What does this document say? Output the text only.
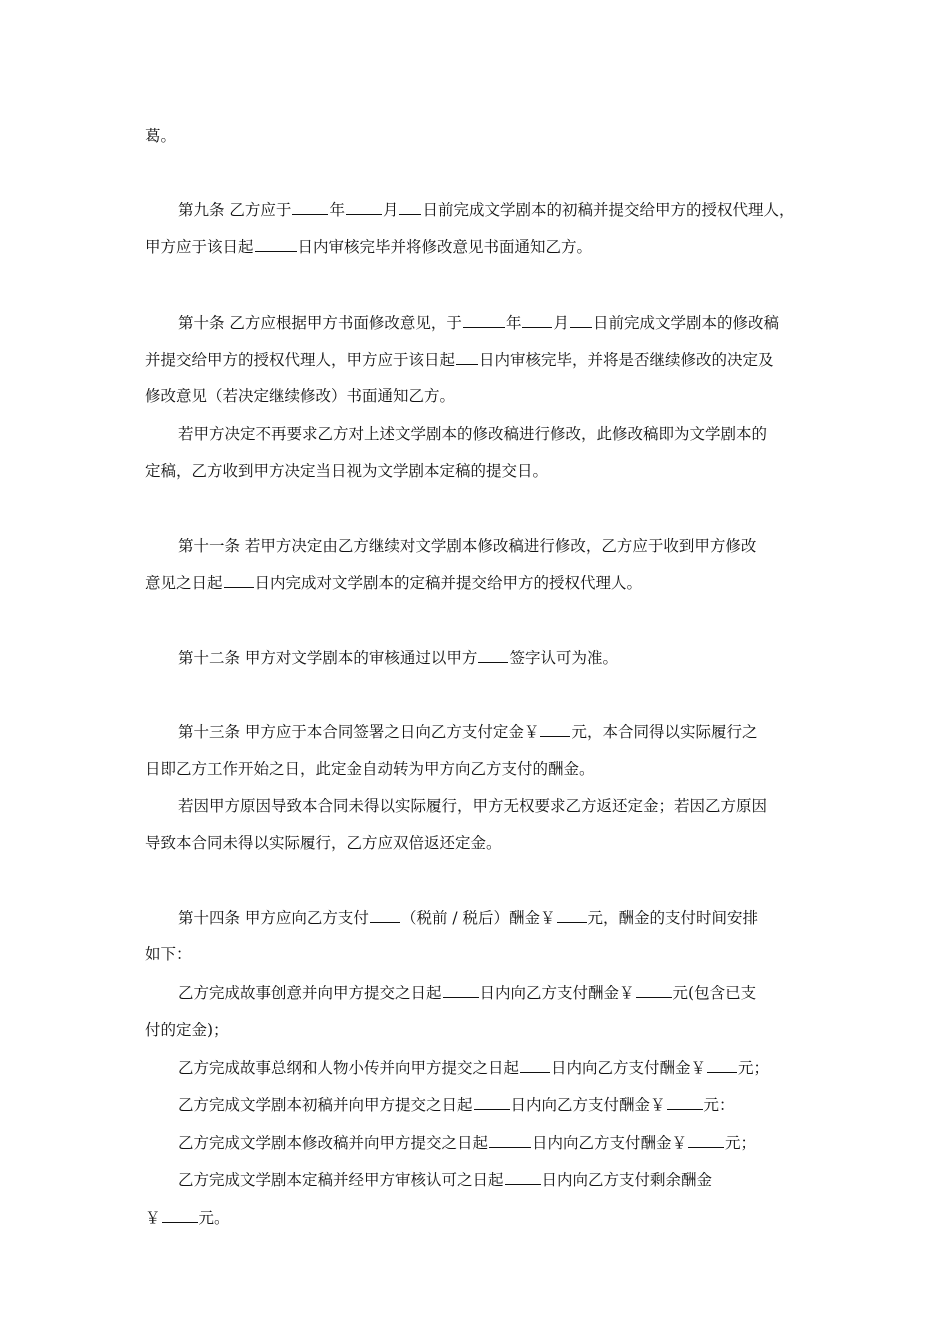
葛。
第九条 乙方应于 年 月 日前完成文学剧本的初稿并提交给甲方的授权代理人，
甲方应于该日起	日内审核完毕并将修改意见书面通知乙方。
第十条 乙方应根据甲方书面修改意见，于	年 月 日前完成文学剧本的修改稿
并提交给甲方的授权代理人，甲方应于该日起 日内审核完毕，并将是否继续修改的决定及
修改意见（若决定继续修改）书面通知乙方。
若甲方决定不再要求乙方对上述文学剧本的修改稿进行修改，此修改稿即为文学剧本的
定稿，乙方收到甲方决定当日视为文学剧本定稿的提交日。
第十一条 若甲方决定由乙方继续对文学剧本修改稿进行修改，乙方应于收到甲方修改
意见之日起 日内完成对文学剧本的定稿并提交给甲方的授权代理人。
第十二条 甲方对文学剧本的审核通过以甲方 签字认可为准。
第十三条 甲方应于本合同签署之日向乙方支付定金￥ 元，本合同得以实际履行之
日即乙方工作开始之日，此定金自动转为甲方向乙方支付的酬金。
若因甲方原因导致本合同未得以实际履行，甲方无权要求乙方返还定金；若因乙方原因
导致本合同未得以实际履行，乙方应双倍返还定金。
第十四条 甲方应向乙方支付 （税前 / 税后）酬金￥ 元，酬金的支付时间安排
如下：
乙方完成故事创意并向甲方提交之日起 日内向乙方支付酬金￥ 元(包含已支
付的定金)；
乙方完成故事总纲和人物小传并向甲方提交之日起 日内向乙方支付酬金￥ 元；
乙方完成文学剧本初稿并向甲方提交之日起 日内向乙方支付酬金￥ 元：
乙方完成文学剧本修改稿并向甲方提交之日起	日内向乙方支付酬金￥ 元；
乙方完成文学剧本定稿并经甲方审核认可之日起 日内向乙方支付剩余酬金
￥ 元。
